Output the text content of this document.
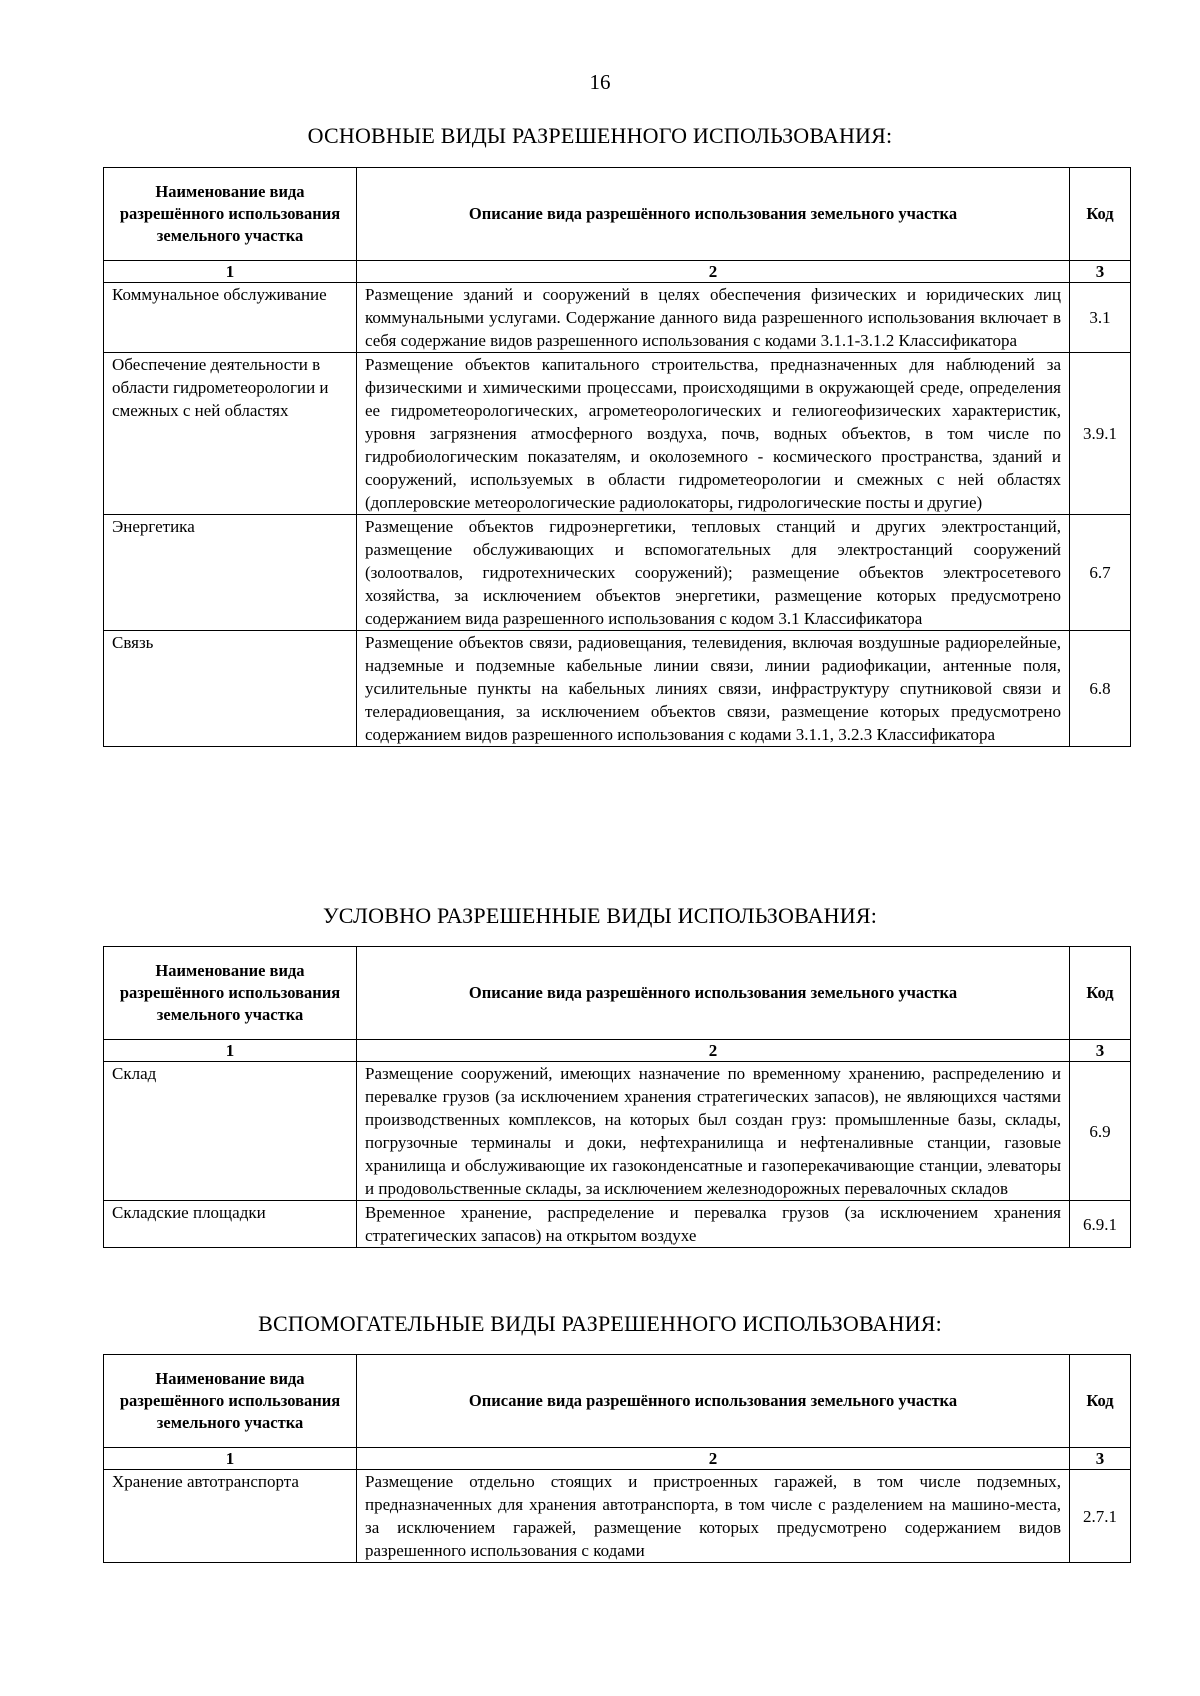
16
ОСНОВНЫЕ ВИДЫ РАЗРЕШЕННОГО ИСПОЛЬЗОВАНИЯ:
Наименование вида разрешённого использования земельного участка	Описание вида разрешённого использования земельного участка	Код
1	2	3
Коммунальное обслуживание	Размещение зданий и сооружений в целях обеспечения физических и юридических лиц коммунальными услугами. Содержание данного вида разрешенного использования включает в себя содержание видов разрешенного использования с кодами 3.1.1-3.1.2 Классификатора	3.1
Обеспечение деятельности в области гидрометеорологии и смежных с ней областях	Размещение объектов капитального строительства, предназначенных для наблюдений за физическими и химическими процессами, происходящими в окружающей среде, определения ее гидрометеорологических, агрометеорологических и гелиогеофизических характеристик, уровня загрязнения атмосферного воздуха, почв, водных объектов, в том числе по гидробиологическим показателям, и околоземного - космического пространства, зданий и сооружений, используемых в области гидрометеорологии и смежных с ней областях (доплеровские метеорологические радиолокаторы, гидрологические посты и другие)	3.9.1
Энергетика	Размещение объектов гидроэнергетики, тепловых станций и других электростанций, размещение обслуживающих и вспомогательных для электростанций сооружений (золоотвалов, гидротехнических сооружений); размещение объектов электросетевого хозяйства, за исключением объектов энергетики, размещение которых предусмотрено содержанием вида разрешенного использования с кодом 3.1 Классификатора	6.7
Связь	Размещение объектов связи, радиовещания, телевидения, включая воздушные радиорелейные, надземные и подземные кабельные линии связи, линии радиофикации, антенные поля, усилительные пункты на кабельных линиях связи, инфраструктуру спутниковой связи и телерадиовещания, за исключением объектов связи, размещение которых предусмотрено содержанием видов разрешенного использования с кодами 3.1.1, 3.2.3 Классификатора	6.8
УСЛОВНО РАЗРЕШЕННЫЕ ВИДЫ ИСПОЛЬЗОВАНИЯ:
Наименование вида разрешённого использования земельного участка	Описание вида разрешённого использования земельного участка	Код
1	2	3
Склад	Размещение сооружений, имеющих назначение по временному хранению, распределению и перевалке грузов (за исключением хранения стратегических запасов), не являющихся частями производственных комплексов, на которых был создан груз: промышленные базы, склады, погрузочные терминалы и доки, нефтехранилища и нефтеналивные станции, газовые хранилища и обслуживающие их газоконденсатные и газоперекачивающие станции, элеваторы и продовольственные склады, за исключением железнодорожных перевалочных складов	6.9
Складские площадки	Временное хранение, распределение и перевалка грузов (за исключением хранения стратегических запасов) на открытом воздухе	6.9.1
ВСПОМОГАТЕЛЬНЫЕ ВИДЫ РАЗРЕШЕННОГО ИСПОЛЬЗОВАНИЯ:
Наименование вида разрешённого использования земельного участка	Описание вида разрешённого использования земельного участка	Код
1	2	3
Хранение автотранспорта	Размещение отдельно стоящих и пристроенных гаражей, в том числе подземных, предназначенных для хранения автотранспорта, в том числе с разделением на машино-места, за исключением гаражей, размещение которых предусмотрено содержанием видов разрешенного использования с кодами	2.7.1
